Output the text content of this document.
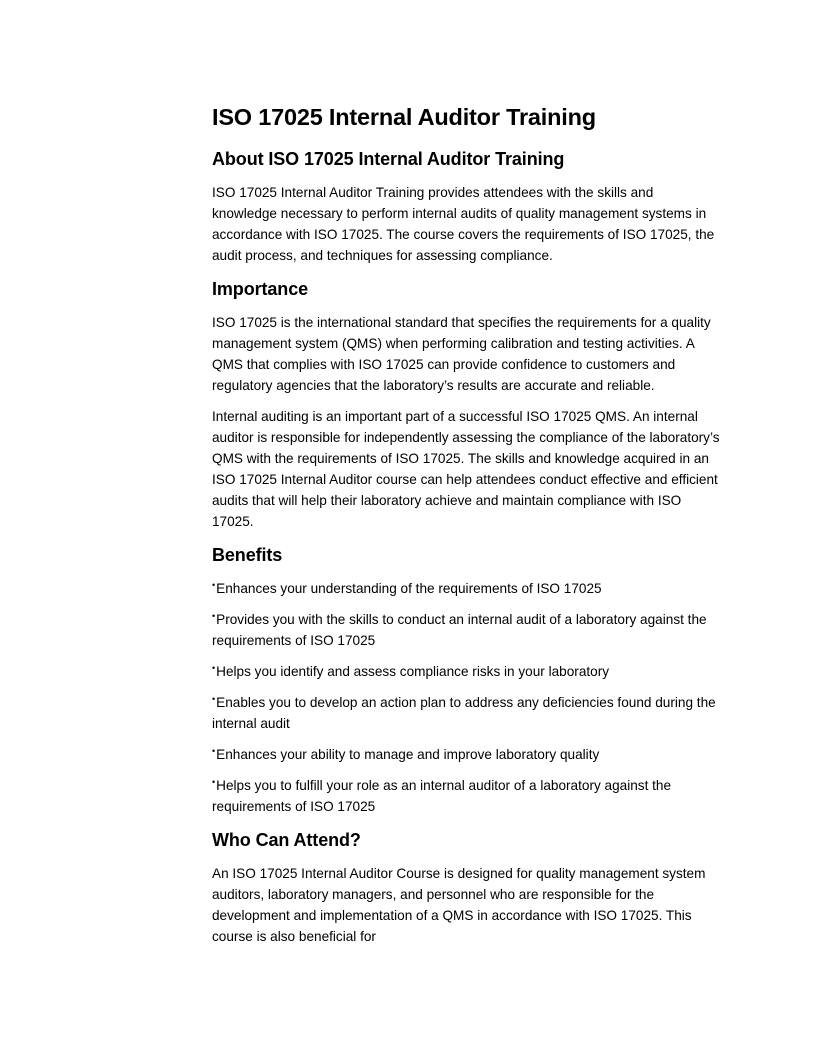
ISO 17025 Internal Auditor Training
About ISO 17025 Internal Auditor Training

ISO 17025 Internal Auditor Training provides attendees with the skills and knowledge necessary to perform internal audits of quality management systems in accordance with ISO 17025. The course covers the requirements of ISO 17025, the audit process, and techniques for assessing compliance.

Importance

ISO 17025 is the international standard that specifies the requirements for a quality management system (QMS) when performing calibration and testing activities. A QMS that complies with ISO 17025 can provide confidence to customers and regulatory agencies that the laboratory’s results are accurate and reliable.

Internal auditing is an important part of a successful ISO 17025 QMS. An internal auditor is responsible for independently assessing the compliance of the laboratory’s QMS with the requirements of ISO 17025. The skills and knowledge acquired in an ISO 17025 Internal Auditor course can help attendees conduct effective and efficient audits that will help their laboratory achieve and maintain compliance with ISO 17025.

Benefits
•Enhances your understanding of the requirements of ISO 17025
•Provides you with the skills to conduct an internal audit of a laboratory against the requirements of ISO 17025
•Helps you identify and assess compliance risks in your laboratory
•Enables you to develop an action plan to address any deficiencies found during the internal audit
•Enhances your ability to manage and improve laboratory quality
•Helps you to fulfill your role as an internal auditor of a laboratory against the requirements of ISO 17025
Who Can Attend?

An ISO 17025 Internal Auditor Course is designed for quality management system auditors, laboratory managers, and personnel who are responsible for the development and implementation of a QMS in accordance with ISO 17025. This course is also beneficial for
